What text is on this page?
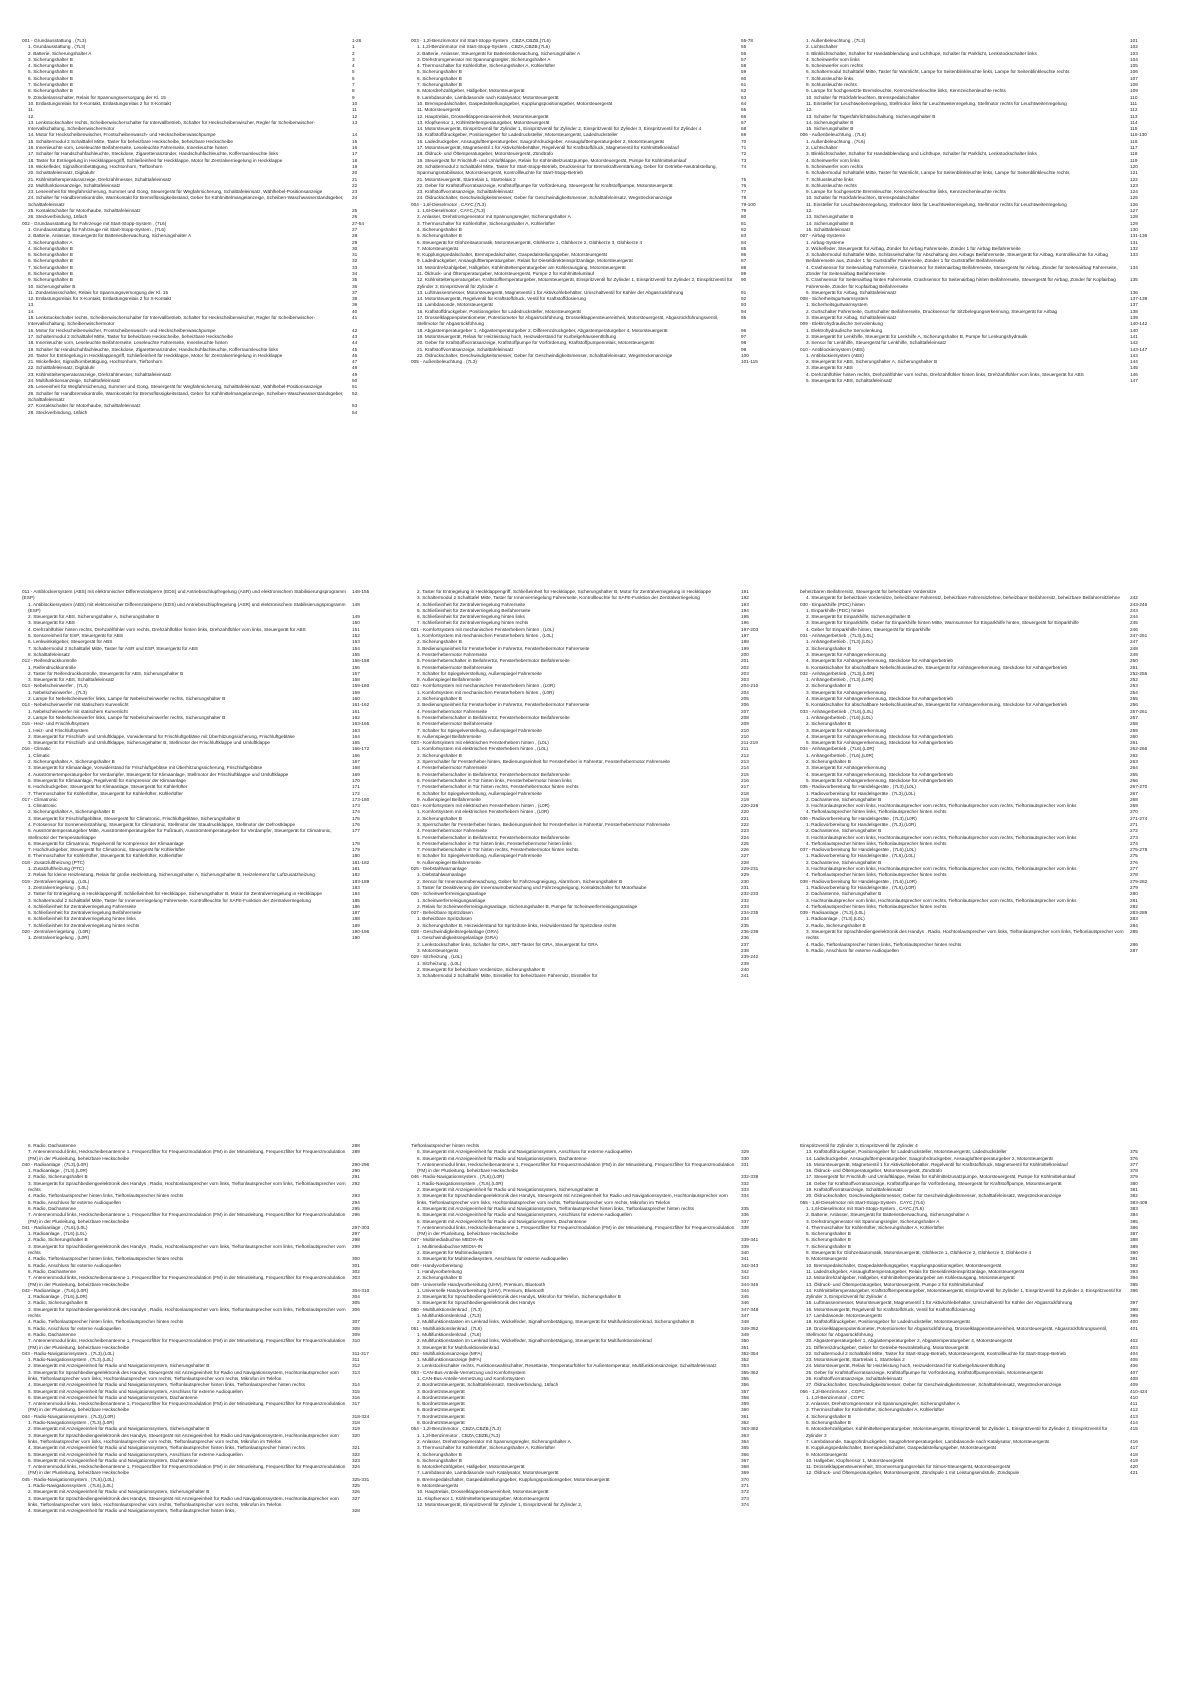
001 - Grundausstattung , (7L3)	1-26
1. Grundausstattung , (7L3)	1
2. Batterie, Sicherungshalter A	2
3. Sicherungshalter B	3
4. Sicherungshalter B	4
5. Sicherungshalter B	5
6. Sicherungshalter B	6
7. Sicherungshalter B	7
8. Sicherungshalter B	8
9. Zündanlassschalter, Relais für Spannungsversorgung der Kl. 15	9
10. Entlastungsrelais für X-Kontakt, Entlastungsrelais 2 für X-Kontakt	10
11.	11
12.	12
13. Lenkstockschalter rechts, Scheibenwischerschalter für Intervallbetrieb, Schalter für Heckscheibenwischer, Regler für Scheibenwischer-Intervallschaltung, Scheibenwischermotor
13
14. Motor für Heckscheibenwischer, Frontscheibenwasch- und Heckscheibenwaschpumpe	14
15. Schaltermodul 2 Schalttafel Mitte, Taster für beheizbare Heckscheibe, beheizbare Heckscheibe	15
16. Innenleuchte vorn, Leseleuchte Beifahrerseite, Leseleuchte Fahrerseite, Innenleuchte hinten	16
17. Schalter für Handschuhfachleuchte, Steckdose, Zigarettenanzünder, Handschuhfachleuchte, Kofferraumleuchte links	17
18. Taster für Entriegelung in Heckklappengriff, Schließeinheit für Heckklappe, Motor für Zentralverriegelung in Heckklappe	18
19. Wickelfeder, Signalhornbetätigung, Hochtonhorn, Tieftonhorn	19
20. Schalttafeleinsatz, Digitaluhr	20
21. Kühlmitteltemperaturanzeige, Drehzahlmesser, Schalttafeleinsatz	21
22. Multifunktionsanzeige, Schalttafeleinsatz	22
23. Leseeinheit für Wegfahrsicherung, Summer und Gong, Steuergerät für Wegfahrsicherung, Schalttafeleinsatz, Wählhebel-Positionsanzeige	23
24. Schalter für Handbremskontrolle, Warnkontakt für Bremsflüssigkeitsstand, Geber für Kühlmittelmangelanzeige, Scheiben-Waschwasserstandsgeber, Schalttafeleinsatz
24
25. Kontaktschalter für Motorhaube, Schalttafeleinsatz	25
26. Steckverbindung, 16fach	26
002 - Grundausstattung für Fahrzeuge mit Start-Stopp-System , (7L6)	27-54
1. Grundausstattung für Fahrzeuge mit Start-Stopp-System , (7L6)	27
2. Batterie, Anlasser, Steuergerät für Batterieüberwachung, Sicherungshalter A	28
3. Sicherungshalter A	29
4. Sicherungshalter B	30
5. Sicherungshalter B	31
6. Sicherungshalter B	32
7. Sicherungshalter B	33
8. Sicherungshalter B	34
9. Sicherungshalter B	35
10. Sicherungshalter B	36
11. Zündanlassschalter, Relais für Spannungsversorgung der Kl. 15	37
12. Entlastungsrelais für X-Kontakt, Entlastungsrelais 2 für X-Kontakt	38
13.	39
14.	40
15. Lenkstockschalter rechts, Scheibenwischerschalter für Intervallbetrieb, Schalter für Heckscheibenwischer, Regler für Scheibenwischer-Intervallschaltung, Scheibenwischermotor
41
16. Motor für Heckscheibenwischer, Frontscheibenwasch- und Heckscheibenwaschpumpe	42
17. Schaltermodul 2 Schalttafel Mitte, Taster für beheizbare Heckscheibe, beheizbare Heckscheibe	43
18. Innenleuchte vorn, Leseleuchte Beifahrerseite, Leseleuchte Fahrerseite, Innenleuchte hinten	44
19. Schalter für Handschuhfachleuchte, Steckdose, Zigarettenanzünder, Handschuhfachleuchte, Kofferraumleuchte links	45
20. Taster für Entriegelung in Heckklappengriff, Schließeinheit für Heckklappe, Motor für Zentralverriegelung in Heckklappe	46
21. Wickelfeder, Signalhornbetätigung, Hochtonhorn, Tieftonhorn	47
22. Schalttafeleinsatz, Digitaluhr	48
23. Kühlmitteltemperaturanzeige, Drehzahlmesser, Schalttafeleinsatz	49
24. Multifunktionsanzeige, Schalttafeleinsatz	50
25. Leseeinheit für Wegfahrsicherung, Summer und Gong, Steuergerät für Wegfahrsicherung, Schalttafeleinsatz, Wählhebel-Positionsanzeige	51
26. Schalter für Handbremskontrolle, Warnkontakt für Bremsflüssigkeitsstand, Geber für Kühlmittelmangelanzeige, Scheiben-Waschwasserstandsgeber, Schalttafeleinsatz
52
27. Kontaktschalter für Motorhaube, Schalttafeleinsatz	53
28. Steckverbindung, 16fach	54
003 - 1,2l-Benzinmotor mit Start-Stopp-System , CBZA,CBZB,(7L6)	55-78
1. 1,2l-Benzinmotor mit Start-Stopp-System , CBZA,CBZB,(7L6)	55
2. Batterie, Anlasser, Steuergerät für Batterieüberwachung, Sicherungshalter A	56
3. Drehstromgenerator mit Spannungsregler, Sicherungshalter A	57
4. Thermoschalter für Kühlerlüfter, Sicherungshalter A, Kühlerlüfter	58
5. Sicherungshalter B	59
6. Sicherungshalter B	60
7. Sicherungshalter B	61
8. Motordrehzahlgeber, Hallgeber, Motorsteuergerät	62
9. Lambdasonde, Lambdasonde nach Katalysator, Motorsteuergerät	63
10. Bremspedalschalter, Gaspedalstellungsgeber, Kupplungspositionsgeber, Motorsteuergerät	64
11. Motorsteuergerät	65
12. Hauptrelais, Drosselklappensteuereinheit, Motorsteuergerät	66
13. Klopfsensor 1, Kühlmitteltemperaturgeber, Motorsteuergerät	67
14. Motorsteuergerät, Einspritzventil für Zylinder 1, Einspritzventil für Zylinder 2, Einspritzventil für Zylinder 3, Einspritzventil für Zylinder 4	68
15. Kraftstoffdruckgeber, Positionsgeber für Ladedrucksteller, Motorsteuergerät, Ladedrucksteller	69
16. Ladedruckgeber, Ansauglufttemperaturgeber, Saugrohrdruckgeber, Ansauglufttemperaturgeber 2, Motorsteuergerät	70
17. Motorsteuergerät, Magnetventil 1 für Aktivkohlebehälter, Regelventil für Kraftstoffdruck, Magnetventil für Kühlmittelkreislauf	71
18. Öldruck- und Öltemperaturgeber, Motorsteuergerät, Zündtrafo	72
19. Steuergerät für Frischluft- und Umluftklappe, Relais für Kühlmittelzusatzpumpe, Motorsteuergerät, Pumpe für Kühlmittelumlauf	73
20. Schaltermodul 2 Schalttafel Mitte, Taster für Start-Stopp-Betrieb, Drucksensor für Bremskraftverstärkung, Geber für Getriebe-Neutralstellung, Spannungsstabilisator, Motorsteuergerät, Kontrollleuchte für Start-Stopp-Betrieb
74
21. Motorsteuergerät, Startrelais 1, Startrelais 2	75
22. Geber für Kraftstoffvorratsanzeige, Kraftstoffpumpe für Vorförderung, Steuergerät für Kraftstoffpumpe, Motorsteuergerät	76
23. Kraftstoffvorratsanzeige, Schalttafeleinsatz	77
24. Öldruckschalter, Geschwindigkeitsmesser, Geber für Geschwindigkeitsmesser, Schalttafeleinsatz, Wegstreckenanzeige	78
004 - 1,6l-Dieselmotor , CAYC,(7L3)	79-100
1. 1,6l-Dieselmotor , CAYC,(7L3)	79
2. Anlasser, Drehstromgenerator mit Spannungsregler, Sicherungshalter A	80
3. Thermoschalter für Kühlerlüfter, Sicherungshalter A, Kühlerlüfter	81
4. Sicherungshalter B	82
5. Sicherungshalter B	83
6. Steuergerät für Glühzeitautomatik, Motorsteuergerät, Glühkerze 1, Glühkerze 2, Glühkerze 3, Glühkerze 4	84
7. Motorsteuergerät	85
8. Kupplungspedalschalter, Bremspedalschalter, Gaspedalstellungsgeber, Motorsteuergerät	86
9. Ladedruckgeber, Ansauglufttemperaturgeber, Relais für Dieseldirekteinspritzanlage, Motorsteuergerät	87
10. Motordrehzahlgeber, Hallgeber, Kühlmitteltemperaturgeber am Kühlerausgang, Motorsteuergerät	88
11. Öldruck- und Öltemperaturgeber, Motorsteuergerät, Pumpe 2 für Kühlmittelumlauf	89
12. Kühlmitteltemperaturgeber, Kraftstofftemperaturgeber, Motorsteuergerät, Einspritzventil für Zylinder 1, Einspritzventil für Zylinder 2, Einspritzventil für Zylinder 3, Einspritzventil für Zylinder 4
90
13. Luftmassenmesser, Motorsteuergerät, Magnetventil 1 für Aktivkohlebehälter, Umschaltventil für Kühler der Abgasrückführung	91
14. Motorsteuergerät, Regelventil für Kraftstoffdruck, Ventil für Kraftstoffdosierung	92
15. Lambdasonde, Motorsteuergerät	93
16. Kraftstoffdruckgeber, Positionsgeber für Ladedrucksteller, Motorsteuergerät	94
17. Drosselklappenpotentiometer, Potentiometer für Abgasrückführung, Drosselklappensteuereinheit, Motorsteuergerät, Abgasrückführungsventil, Stellmotor für Abgasrückführung
95
18. Abgastemperaturgeber 1, Abgastemperaturgeber 2, Differenzdruckgeber, Abgastemperaturgeber 4, Motorsteuergerät	96
19. Motorsteuergerät, Relais für Heizleistung hoch, Heizwiderstand für Kurbelgehäuseentlüftung	97
20. Geber für Kraftstoffvorratsanzeige, Kraftstoffpumpe für Vorförderung, Kraftstoffpumpenrelais, Motorsteuergerät	98
21. Kraftstoffvorratsanzeige, Schalttafeleinsatz	99
22. Öldruckschalter, Geschwindigkeitsmesser, Geber für Geschwindigkeitsmesser, Schalttafeleinsatz, Wegstreckenanzeige	100
005 - Außenbeleuchtung , (7L3)	101-115
1. Außenbeleuchtung , (7L3)	101
2. Lichtschalter	102
3. Blinklichtschalter, Schalter für Handabblendung und Lichthupe, Schalter für Parklicht, Lenkstockschalter links	103
4. Scheinwerfer vorn links	104
5. Scheinwerfer vorn rechts	105
6. Schaltermodul Schalttafel Mitte, Taster für Warnlicht, Lampe für Seitenblinkleuchte links, Lampe für Seitenblinkleuchte rechts	106
7. Schlussleuchte links	107
8. Schlussleuchte rechts	108
9. Lampe für hochgesetzte Bremsleuchte, Kennzeichenleuchte links, Kennzeichenleuchte rechts	109
10. Schalter für Rückfahrleuchten, Bremspedalschalter	110
11. Einsteller für Leuchtweitenregelung, Stellmotor links für Leuchtweitenregelung, Stellmotor rechts für Leuchtweitenregelung	111
12.	112
13. Schalter für Tagesfahrlichtabschaltung, Sicherungshalter B	113
14. Sicherungshalter B	114
15. Sicherungshalter B	115
006 - Außenbeleuchtung , (7L6)	116-130
1. Außenbeleuchtung , (7L6)	116
2. Lichtschalter	117
3. Blinklichtschalter, Schalter für Handabblendung und Lichthupe, Schalter für Parklicht, Lenkstockschalter links	118
4. Scheinwerfer vorn links	119
5. Scheinwerfer vorn rechts	120
6. Schaltermodul Schalttafel Mitte, Taster für Warnlicht, Lampe für Seitenblinkleuchte links, Lampe für Seitenblinkleuchte rechts	121
7. Schlussleuchte links	122
8. Schlussleuchte rechts	123
9. Lampe für hochgesetzte Bremsleuchte, Kennzeichenleuchte links, Kennzeichenleuchte rechts	124
10. Schalter für Rückfahrleuchten, Bremspedalschalter	125
11. Einsteller für Leuchtweitenregelung, Stellmotor links für Leuchtweitenregelung, Stellmotor rechts für Leuchtweitenregelung	126
12.	127
13. Sicherungshalter B	128
14. Sicherungshalter B	129
15. Schalttafeleinsatz	130
007 - Airbag-Systeme	131-136
1. Airbag-Systeme	131
2. Wickelfeder, Steuergerät für Airbag, Zünder für Airbag Fahrerseite, Zünder 1 für Airbag Beifahrerseite	132
3. Schaltermodul Schalttafel Mitte, Schlüsselschalter für Abschaltung des Airbags Beifahrerseite, Steuergerät für Airbag, Kontrollleuchte für Airbag Beifahrerseite aus, Zünder 1 für Gurtstraffer Fahrerseite, Zünder 1 für Gurtstraffer Beifahrerseite
133
4. Crashsensor für Seitenairbag Fahrerseite, Crashsensor für Seitenairbag Beifahrerseite, Steuergerät für Airbag, Zünder für Seitenairbag Fahrerseite, Zünder für Seitenairbag Beifahrerseite
134
5. Crashsensor für Seitenairbag hinten Fahrerseite, Crashsensor für Seitenairbag hinten Beifahrerseite, Steuergerät für Airbag, Zünder für Kopfairbag Fahrerseite, Zünder für Kopfairbag Beifahrerseite
135
6. Steuergerät für Airbag, Schalttafeleinsatz	136
008 - Sicherheitsgurtwarnsystem	137-139
1. Sicherheitsgurtwarnsystem	137
2. Gurtschalter Fahrerseite, Gurtschalter Beifahrerseite, Drucksensor für Sitzbelegungserkennung, Steuergerät für Airbag	138
3. Steuergerät für Airbag, Schalttafeleinsatz	139
009 - Elektrohydraulische Servolenkung	140-142
1. Elektrohydraulische Servolenkung	140
2. Steuergerät für Lenkhilfe, Steuergerät für Lenkhilfe A, Sicherungshalter B, Pumpe für Lenkungshydraulik	141
3. Sensor für Lenkhilfe, Steuergerät für Lenkhilfe, Schalttafeleinsatz	142
010 - Antiblockiersystem (ABS)	143-147
1. Antiblockiersystem (ABS)	143
2. Steuergerät für ABS, Sicherungshalter A, Sicherungshalter B	144
3. Steuergerät für ABS	145
4. Drehzahlfühler hinten rechts, Drehzahlfühler vorn rechts, Drehzahlfühler hinten links, Drehzahlfühler vorn links, Steuergerät für ABS	146
5. Steuergerät für ABS, Schalttafeleinsatz	147
011 - Antiblockiersystem (ABS) mit elektronischer Differenzialsperre (EDS) und Antriebsschlupfregelung (ASR) und elektronischem Stabilisierungsprogramm (ESP)
148-155
1. Antiblockiersystem (ABS) mit elektronischer Differenzialsperre (EDS) und Antriebsschlupfregelung (ASR) und elektronischem Stabilisierungsprogramm (ESP)
148
2. Steuergerät für ABS, Sicherungshalter A, Sicherungshalter B	149
3. Steuergerät für ABS	150
4. Drehzahlfühler hinten rechts, Drehzahlfühler vorn rechts, Drehzahlfühler hinten links, Drehzahlfühler vorn links, Steuergerät für ABS	151
5. Sensoreinheit für ESP, Steuergerät für ABS	152
6. Lenkwinkelgeber, Steuergerät für ABS	153
7. Schaltermodul 2 Schalttafel Mitte, Taster für ASR und ESP, Steuergerät für ABS	154
8. Schalttafeleinsatz	155
012 - Reifendruckkontrolle	156-158
1. Reifendruckkontrolle	156
2. Taster für Reifendruckkontrolle, Steuergerät für ABS, Sicherungshalter B	157
3. Steuergerät für ABS, Schalttafeleinsatz	158
013 - Nebelscheinwerfer , (7L3)	159-160
1. Nebelscheinwerfer , (7L3)	159
2. Lampe für Nebelscheinwerfer links, Lampe für Nebelscheinwerfer rechts, Sicherungshalter B	160
014 - Nebelscheinwerfer mit statischem Kurvenlicht	161-162
1. Nebelscheinwerfer mit statischem Kurvenlicht	161
2. Lampe für Nebelscheinwerfer links, Lampe für Nebelscheinwerfer rechts, Sicherungshalter B	162
015 - Heiz- und Frischluftsystem	163-165
1. Heiz- und Frischluftsystem	163
2. Steuergerät für Frischluft- und Umluftklappe, Vorwiderstand für Frischluftgebläse mit Überhitzungssicherung, Frischluftgebläse	164
3. Steuergerät für Frischluft- und Umluftklappe, Sicherungshalter B, Stellmotor der Frischluftklappe und Umluftklappe	165
016 - Climatic	166-172
1. Climatic	166
2. Sicherungshalter A, Sicherungshalter B	167
3. Steuergerät für Klimaanlage, Vorwiderstand für Frischluftgebläse mit Überhitzungssicherung, Frischluftgebläse	168
4. Ausströmertemperaturgeber für Verdampfer, Steuergerät für Klimaanlage, Stellmotor der Frischluftklappe und Umluftklappe	169
5. Steuergerät für Klimaanlage, Regelventil für Kompressor der Klimaanlage	170
6. Hochdruckgeber, Steuergerät für Klimaanlage, Steuergerät für Kühlerlüfter	171
7. Thermoschalter für Kühlerlüfter, Steuergerät für Kühlerlüfter, Kühlerlüfter	172
017 - Climatronic	173-180
1. Climatronic	173
2. Sicherungshalter A, Sicherungshalter B	174
3. Steuergerät für Frischluftgebläse, Steuergerät für Climatronic, Frischluftgebläse, Sicherungshalter B	175
4. Fotosensor für Sonneneinstrahlung, Steuergerät für Climatronic, Stellmotor der Staudruckklappe, Stellmotor der Defrostklappe	176
5. Ausströmtemperaturgeber Mitte, Ausströmtemperaturgeber für Fußraum, Ausströmtemperaturgeber für Verdampfer, Steuergerät für Climatronic, Stellmotor der Temperaturklappe
177
6. Steuergerät für Climatronic, Regelventil für Kompressor der Klimaanlage	178
7. Hochdruckgeber, Steuergerät für Climatronic, Steuergerät für Kühlerlüfter	179
8. Thermoschalter für Kühlerlüfter, Steuergerät für Kühlerlüfter, Kühlerlüfter	180
018 - Zusatzluftheizung (PTC)	181-182
1. Zusatzluftheizung (PTC)	181
2. Relais für kleine Heizleistung, Relais für große Heizleistung, Sicherungshalter A, Sicherungshalter B, Heizelement für Luftzusatzheizung	182
019 - Zentralverriegelung , (L0L)	183-189
1. Zentralverriegelung , (L0L)	183
2. Taster für Entriegelung in Heckklappengriff, Schließeinheit für Heckklappe, Sicherungshalter B, Motor für Zentralverriegelung in Heckklappe	184
3. Schaltermodul 2 Schalttafel Mitte, Taster für Innenverriegelung Fahrerseite, Kontrollleuchte für SAFE-Funktion der Zentralverriegelung	185
4. Schließeinheit für Zentralverriegelung Fahrerseite	186
5. Schließeinheit für Zentralverriegelung Beifahrerseite	187
6. Schließeinheit für Zentralverriegelung hinten links	188
7. Schließeinheit für Zentralverriegelung hinten rechts	189
020 - Zentralverriegelung , (L0R)	190-196
1. Zentralverriegelung , (L0R)	190
2. Taster für Entriegelung in Heckklappengriff, Schließeinheit für Heckklappe, Sicherungshalter B, Motor für Zentralverriegelung in Heckklappe	191
3. Schaltermodul 2 Schalttafel Mitte, Taster für Innenverriegelung Fahrerseite, Kontrollleuchte für SAFE-Funktion der Zentralverriegelung	192
4. Schließeinheit für Zentralverriegelung Fahrerseite	193
5. Schließeinheit für Zentralverriegelung Beifahrerseite	194
6. Schließeinheit für Zentralverriegelung hinten links	195
7. Schließeinheit für Zentralverriegelung hinten rechts	196
021 - Komfortsystem mit mechanischen Fensterhebern hinten , (L0L)	197-203
1. Komfortsystem mit mechanischen Fensterhebern hinten , (L0L)	197
2. Sicherungshalter B	198
3. Bedienungseinheit für Fensterheber in Fahrertür, Fensterhebermotor Fahrerseite	199
4. Fensterhebermotor Fahrerseite	200
5. Fensterheberschalter in Beifahrertür, Fensterhebermotor Beifahrerseite	201
6. Fensterhebermotor Beifahrerseite	202
7. Schalter für Spiegelverstellung, Außenspiegel Fahrerseite	203
8. Außenspiegel Beifahrerseite	203
022 - Komfortsystem mit mechanischen Fensterhebern hinten , (L0R)	204-210
1. Komfortsystem mit mechanischen Fensterhebern hinten , (L0R)	204
2. Sicherungshalter B	205
3. Bedienungseinheit für Fensterheber in Fahrertür, Fensterhebermotor Fahrerseite	206
4. Fensterhebermotor Fahrerseite	207
5. Fensterheberschalter in Beifahrertür, Fensterhebermotor Beifahrerseite	208
6. Fensterhebermotor Beifahrerseite	209
7. Schalter für Spiegelverstellung, Außenspiegel Fahrerseite	210
8. Außenspiegel Beifahrerseite	210
023 - Komfortsystem mit elektrischen Fensterhebern hinten , (L0L)	211-219
1. Komfortsystem mit elektrischen Fensterhebern hinten , (L0L)	211
2. Sicherungshalter B	212
3. Sperrschalter für Fensterheber hinten, Bedienungseinheit für Fensterheber in Fahrertür, Fensterhebermotor Fahrerseite	213
4. Fensterhebermotor Fahrerseite	214
5. Fensterheberschalter in Beifahrertür, Fensterhebermotor Beifahrerseite	215
6. Fensterheberschalter in Tür hinten links, Fensterhebermotor hinten links	216
7. Fensterheberschalter in Tür hinten rechts, Fensterhebermotor hinten rechts	217
8. Schalter für Spiegelverstellung, Außenspiegel Fahrerseite	218
9. Außenspiegel Beifahrerseite	219
024 - Komfortsystem mit elektrischen Fensterhebern hinten , (L0R)	220-228
1. Komfortsystem mit elektrischen Fensterhebern hinten , (L0R)	220
2. Sicherungshalter B	221
3. Sperrschalter für Fensterheber hinten, Bedienungseinheit für Fensterheber in Fahrertür, Fensterhebermotor Fahrerseite	222
4. Fensterhebermotor Fahrerseite	223
5. Fensterheberschalter in Beifahrertür, Fensterhebermotor Beifahrerseite	224
6. Fensterheberschalter in Tür hinten links, Fensterhebermotor hinten links	225
7. Fensterheberschalter in Tür hinten rechts, Fensterhebermotor hinten rechts	226
8. Schalter für Spiegelverstellung, Außenspiegel Fahrerseite	227
9. Außenspiegel Beifahrerseite	228
025 - Diebstahlwarnanlage	229-231
1. Diebstahlwarnanlage	229
2. Sensor für Innenraumüberwachung, Geber für Fahrzeugneigung, Alarmhorn, Sicherungshalter B	230
3. Taster für Deaktivierung der Innenraumüberwachung und Fahrzeugneigung, Kontaktschalter für Motorhaube	231
026 - Scheinwerferreinigungsanlage	232-233
1. Scheinwerferreinigungsanlage	232
2. Relais für Scheinwerferreinigungsanlage, Sicherungshalter B, Pumpe für Scheinwerferreinigungsanlage	233
027 - Beheizbare Spritzdüsen	234-235
1. Beheizbare Spritzdüsen	234
2. Sicherungshalter B, Heizwiderstand für Spritzdüse links, Heizwiderstand für Spritzdüse rechts	235
028 - Geschwindigkeitsregelanlage (GRA)	236-238
1. Geschwindigkeitsregelanlage (GRA)	236
2. Lenkstockschalter links, Schalter für GRA, SET-Taster für GRA, Steuergerät für GRA	237
3. Motorsteuergerät	238
029 - Sitzheizung , (L0L)	239-242
1. Sitzheizung , (L0L)	239
2. Steuergerät für beheizbare Vordersitze, Sicherungshalter B	240
3. Schaltermodul 2 Schalttafel Mitte, Einsteller für beheizbaren Fahrersitz, Einsteller für	241
beheizbaren Beifahrersitz, Steuergerät für beheizbare Vordersitze
4. Steuergerät für beheizbare Vordersitze, beheizbarer Fahrersitz, beheizbare Fahrersitzlehne, beheizbarer Beifahrersitz, beheizbare Beifahrersitzlehne	242
030 - Einparkhilfe (PDC) hinten	243-246
1. Einparkhilfe (PDC) hinten	243
2. Steuergerät für Einparkhilfe, Sicherungshalter B	244
3. Steuergerät für Einparkhilfe, Geber für Einparkhilfe hinten Mitte, Warnsummer für Einparkhilfe hinten, Steuergerät für Einparkhilfe	245
4. Geber für Einparkhilfe hinten, Steuergerät für Einparkhilfe	246
031 - Anhängerbetrieb , (7L3),(L0L)	247-251
1. Anhängerbetrieb , (7L3),(L0L)	247
2. Sicherungshalter B	248
3. Steuergerät für Anhängererkennung	249
4. Steuergerät für Anhängererkennung, Steckdose für Anhängerbetrieb	250
5. Kontaktschalter für abschaltbare Nebelschlussleuchte, Steuergerät für Anhängererkennung, Steckdose für Anhängerbetrieb	251
032 - Anhängerbetrieb , (7L3),(L0R)	252-256
1. Anhängerbetrieb , (7L3),(L0R)	252
2. Sicherungshalter B	253
3. Steuergerät für Anhängererkennung	254
4. Steuergerät für Anhängererkennung, Steckdose für Anhängerbetrieb	255
5. Kontaktschalter für abschaltbare Nebelschlussleuchte, Steuergerät für Anhängererkennung, Steckdose für Anhängerbetrieb	256
033 - Anhängerbetrieb , (7L6),(L0L)	257-261
1. Anhängerbetrieb , (7L6),(L0L)	257
2. Sicherungshalter B	258
3. Steuergerät für Anhängererkennung	259
4. Steuergerät für Anhängererkennung, Steckdose für Anhängerbetrieb	260
5. Steuergerät für Anhängererkennung, Steckdose für Anhängerbetrieb	261
034 - Anhängerbetrieb , (7L6),(L0R)	262-266
1. Anhängerbetrieb , (7L6),(L0R)	262
2. Sicherungshalter B	263
3. Steuergerät für Anhängererkennung	264
4. Steuergerät für Anhängererkennung, Steckdose für Anhängerbetrieb	265
5. Steuergerät für Anhängererkennung, Steckdose für Anhängerbetrieb	266
035 - Radiovorbereitung für Handelsgeräte , (7L3),(L0L)	267-270
1. Radiovorbereitung für Handelsgeräte , (7L3),(L0L)	267
2. Dachantenne, Sicherungshalter B	268
3. Hochtonlautsprecher vorn links, Hochtonlautsprecher vorn rechts, Tieftonlautsprecher vorn rechts, Tieftonlautsprecher vorn links	269
4. Tieftonlautsprecher hinten links, Tieftonlautsprecher hinten rechts	270
036 - Radiovorbereitung für Handelsgeräte , (7L3),(L0R)	271-274
1. Radiovorbereitung für Handelsgeräte , (7L3),(L0R)	271
2. Dachantenne, Sicherungshalter B	272
3. Hochtonlautsprecher vorn links, Hochtonlautsprecher vorn rechts, Tieftonlautsprecher vorn rechts, Tieftonlautsprecher vorn links	273
4. Tieftonlautsprecher hinten links, Tieftonlautsprecher hinten rechts	274
037 - Radiovorbereitung für Handelsgeräte , (7L6),(L0L)	275-278
1. Radiovorbereitung für Handelsgeräte , (7L6),(L0L)	275
2. Dachantenne, Sicherungshalter B	276
3. Hochtonlautsprecher vorn links, Hochtonlautsprecher vorn rechts, Tieftonlautsprecher vorn rechts, Tieftonlautsprecher vorn links	277
4. Tieftonlautsprecher hinten links, Tieftonlautsprecher hinten rechts	278
038 - Radiovorbereitung für Handelsgeräte , (7L6),(L0R)	279-282
1. Radiovorbereitung für Handelsgeräte , (7L6),(L0R)	279
2. Dachantenne, Sicherungshalter B	280
3. Hochtonlautsprecher vorn links, Hochtonlautsprecher vorn rechts, Tieftonlautsprecher vorn rechts, Tieftonlautsprecher vorn links	281
4. Tieftonlautsprecher hinten links, Tieftonlautsprecher hinten rechts	282
039 - Radioanlage , (7L3),(L0L)	283-289
1. Radioanlage , (7L3),(L0L)	283
2. Radio, Sicherungshalter B	284
3. Steuergerät für Sprachbediengeelektronik des Handys , Radio, Hochtonlautsprecher vorn links, Tieftonlautsprecher vorn links, Tieftonlautsprecher vorn rechts
285
4. Radio, Tieftonlautsprecher hinten links, Tieftonlautsprecher hinten rechts	286
5. Radio, Anschluss für externe Audioquellen	287
6. Radio, Dachantenne	288
7. Antennenmodul links, Heckscheibenantenne 1, Frequenzfilter für Frequenzmodulation (FM) in der Minusleitung, Frequenzfilter für Frequenzmodulation (FM) in der Plusleitung, beheizbare Heckscheibe
289
040 - Radioanlage , (7L3),(L0R)	290-296
1. Radioanlage , (7L3),(L0R)	290
2. Radio, Sicherungshalter B	291
3. Steuergerät für Sprachbediengeelektronik des Handys , Radio, Hochtonlautsprecher vorn links, Tieftonlautsprecher vorn links, Tieftonlautsprecher vorn rechts
292
4. Radio, Tieftonlautsprecher hinten links, Tieftonlautsprecher hinten rechts	293
5. Radio, Anschluss für externe Audioquellen	294
6. Radio, Dachantenne	295
7. Antennenmodul links, Heckscheibenantenne 1, Frequenzfilter für Frequenzmodulation (FM) in der Minusleitung, Frequenzfilter für Frequenzmodulation (FM) in der Plusleitung, beheizbare Heckscheibe
296
041 - Radioanlage , (7L6),(L0L)	297-303
1. Radioanlage , (7L6),(L0L)	297
2. Radio, Sicherungshalter B	298
3. Steuergerät für Sprachbediengeelektronik des Handys , Radio, Hochtonlautsprecher vorn links, Tieftonlautsprecher vorn links, Tieftonlautsprecher vorn rechts
299
4. Radio, Tieftonlautsprecher hinten links, Tieftonlautsprecher hinten rechts	300
5. Radio, Anschluss für externe Audioquellen	301
6. Radio, Dachantenne	302
7. Antennenmodul links, Heckscheibenantenne 1, Frequenzfilter für Frequenzmodulation (FM) in der Minusleitung, Frequenzfilter für Frequenzmodulation (FM) in der Plusleitung, beheizbare Heckscheibe
303
042 - Radioanlage , (7L6),(L0R)	304-310
1. Radioanlage , (7L6),(L0R)	304
2. Radio, Sicherungshalter B	305
3. Steuergerät für Sprachbediengeelektronik des Handys , Radio, Hochtonlautsprecher vorn links, Tieftonlautsprecher vorn links, Tieftonlautsprecher vorn rechts
306
4. Radio, Tieftonlautsprecher hinten links, Tieftonlautsprecher hinten rechts	307
5. Radio, Anschluss für externe Audioquellen	308
6. Radio, Dachantenne	309
7. Antennenmodul links, Heckscheibenantenne 1, Frequenzfilter für Frequenzmodulation (FM) in der Minusleitung, Frequenzfilter für Frequenzmodulation (FM) in der Plusleitung, beheizbare Heckscheibe
310
043 - Radio-Navigationssystem , (7L3),(L0L)	311-317
1. Radio-Navigationssystem , (7L3),(L0L)	311
2. Steuergerät mit Anzeigeeinheit für Radio und Navigationssystem, Sicherungshalter B	312
3. Steuergerät für Sprachbediengeelektronik des Handys, Steuergerät mit Anzeigeeinheit für Radio und Navigationssystem, Hochtonlautsprecher vorn links, Tieftonlautsprecher vorn links, Hochtonlautsprecher vorn rechts, Tieftonlautsprecher vorn rechts, Mikrofon im Telefon
313
4. Steuergerät mit Anzeigeeinheit für Radio und Navigationssystem, Tieftonlautsprecher hinten links, Tieftonlautsprecher hinten rechts	314
5. Steuergerät mit Anzeigeeinheit für Radio und Navigationssystem, Anschluss für externe Audioquellen	315
6. Steuergerät mit Anzeigeeinheit für Radio und Navigationssystem, Dachantenne	316
7. Antennenmodul links, Heckscheibenantenne 1, Frequenzfilter für Frequenzmodulation (FM) in der Minusleitung, Frequenzfilter für Frequenzmodulation (FM) in der Plusleitung, beheizbare Heckscheibe
317
044 - Radio-Navigationssystem , (7L3),(L0R)	318-324
1. Radio-Navigationssystem , (7L3),(L0R)	318
2. Steuergerät mit Anzeigeeinheit für Radio und Navigationssystem, Sicherungshalter B	319
3. Steuergerät für Sprachbediengeelektronik des Handys, Steuergerät mit Anzeigeeinheit für Radio und Navigationssystem, Hochtonlautsprecher vorn links, Tieftonlautsprecher vorn links, Hochtonlautsprecher vorn rechts, Tieftonlautsprecher vorn rechts, Mikrofon im Telefon
320
4. Steuergerät mit Anzeigeeinheit für Radio und Navigationssystem, Tieftonlautsprecher hinten links, Tieftonlautsprecher hinten rechts	321
5. Steuergerät mit Anzeigeeinheit für Radio und Navigationssystem, Anschluss für externe Audioquellen	322
6. Steuergerät mit Anzeigeeinheit für Radio und Navigationssystem, Dachantenne	323
7. Antennenmodul links, Heckscheibenantenne 1, Frequenzfilter für Frequenzmodulation (FM) in der Minusleitung, Frequenzfilter für Frequenzmodulation (FM) in der Plusleitung, beheizbare Heckscheibe
324
045 - Radio-Navigationssystem , (7L6),(L0L)	325-331
1. Radio-Navigationssystem , (7L6),(L0L)	325
2. Steuergerät mit Anzeigeeinheit für Radio und Navigationssystem, Sicherungshalter B	326
3. Steuergerät für Sprachbediengeelektronik des Handys, Steuergerät mit Anzeigeeinheit für Radio und Navigationssystem, Hochtonlautsprecher vorn links, Tieftonlautsprecher vorn links, Hochtonlautsprecher vorn rechts, Tieftonlautsprecher vorn rechts, Mikrofon im Telefon
327
4. Steuergerät mit Anzeigeeinheit für Radio und Navigationssystem, Tieftonlautsprecher hinten links,	328
Tieftonlautsprecher hinten rechts
5. Steuergerät mit Anzeigeeinheit für Radio und Navigationssystem, Anschluss für externe Audioquellen	329
6. Steuergerät mit Anzeigeeinheit für Radio und Navigationssystem, Dachantenne	330
7. Antennenmodul links, Heckscheibenantenne 1, Frequenzfilter für Frequenzmodulation (FM) in der Minusleitung, Frequenzfilter für Frequenzmodulation (FM) in der Plusleitung, beheizbare Heckscheibe
331
046 - Radio-Navigationssystem , (7L6),(L0R)	332-338
1. Radio-Navigationssystem , (7L6),(L0R)	332
2. Steuergerät mit Anzeigeeinheit für Radio und Navigationssystem, Sicherungshalter B	333
3. Steuergerät für Sprachbediengeelektronik des Handys, Steuergerät mit Anzeigeeinheit für Radio und Navigationssystem, Hochtonlautsprecher vorn links, Tieftonlautsprecher vorn links, Hochtonlautsprecher vorn rechts, Tieftonlautsprecher vorn rechts, Mikrofon im Telefon
334
4. Steuergerät mit Anzeigeeinheit für Radio und Navigationssystem, Tieftonlautsprecher hinten links, Tieftonlautsprecher hinten rechts	335
5. Steuergerät mit Anzeigeeinheit für Radio und Navigationssystem, Anschluss für externe Audioquellen	336
6. Steuergerät mit Anzeigeeinheit für Radio und Navigationssystem, Dachantenne	337
7. Antennenmodul links, Heckscheibenantenne 1, Frequenzfilter für Frequenzmodulation (FM) in der Minusleitung, Frequenzfilter für Frequenzmodulation (FM) in der Plusleitung, beheizbare Heckscheibe
338
047 - Multimediabuchse MEDIA-IN	339-341
1. Multimediabuchse MEDIA-IN	339
2. Steuergerät für Multimediasystem	340
3. Steuergerät für Multimediasystem, Anschluss für externe Audioquellen	341
048 - Handyvorbereitung	342-343
1. Handyvorbereitung	342
2. Sicherungshalter B	343
049 - Universelle Handyvorbereitung (UHV), Premium, Bluetooth	344-346
1. Universelle Handyvorbereitung (UHV), Premium, Bluetooth	344
2. Steuergerät für Sprachbediengeelektronik des Handys, Mikrofon für Telefon, Sicherungshalter B	345
3. Steuergerät für Sprachbediengeelektronik des Handys	346
050 - Multifunktionslenkrad , (7L3)	347-348
1. Multifunktionslenkrad , (7L3)	347
2. Multifunktionstasten im Lenkrad links, Wickelfeder, Signalhornbetätigung, Steuergerät für Multifunktionslenkrad, Sicherungshalter B	348
051 - Multifunktionslenkrad , (7L6)	349-352
1. Multifunktionslenkrad , (7L6)	349
2. Multifunktionstasten im Lenkrad links, Wickelfeder, Signalhornbetätigung, Steuergerät für Multifunktionslenkrad	350
3. Steuergerät für Multifunktionslenkrad	351
052 - Multifunktionsanzeige (MFA)	352-354
1. Multifunktionsanzeige (MFA)	352
2. Lenkstockschalter rechts, Funktionswahlschalter, Resettaste, Temperaturfühler für Außentemperatur, Multifunktionsanzeige, Schalttafeleinsatz	353
053 - CAN-Bus-Anteile-Vernetzung und Komfortsystem	355-362
1. CAN-Bus-Anteile-Vernetzung und Komfortsystem	355
2. Bordnetzsteuergerät, Schalttafeleinsatz, Steckverbindung, 16fach	356
3. Bordnetzsteuergerät	357
4. Bordnetzsteuergerät	358
5. Bordnetzsteuergerät	359
6. Bordnetzsteuergerät	360
7. Bordnetzsteuergerät	361
8. Bordnetzsteuergerät	362
054 - 1,2l-Benzinmotor , CBZA,CBZB,(7L3)	363-382
1. 1,2l-Benzinmotor , CBZA,CBZB,(7L3)	363
2. Anlasser, Drehstromgenerator mit Spannungsregler, Sicherungshalter A	364
3. Thermoschalter für Kühlerlüfter, Sicherungshalter A, Kühlerlüfter	365
4. Sicherungshalter B	366
5. Sicherungshalter B	367
6. Motordrehzahlgeber, Hallgeber, Motorsteuergerät	368
7. Lambdasonde, Lambdasonde nach Katalysator, Motorsteuergerät	369
8. Bremspedalschalter, Gaspedalstellungsgeber, Kupplungspositionsgeber, Motorsteuergerät	370
9. Motorsteuergerät	371
10. Hauptrelais, Drosselklappensteuereinheit, Motorsteuergerät	372
11. Klopfsensor 1, Kühlmitteltemperaturgeber, Motorsteuergerät	373
12. Motorsteuergerät, Einspritzventil für Zylinder 1, Einspritzventil für Zylinder 2,	374
Einspritzventil für Zylinder 3, Einspritzventil für Zylinder 4
13. Kraftstoffdruckgeber, Positionsgeber für Ladedrucksteller, Motorsteuergerät, Ladedrucksteller	375
14. Ladedruckgeber, Ansauglufttemperaturgeber, Saugrohrdruckgeber, Ansauglufttemperaturgeber 2, Motorsteuergerät	376
15. Motorsteuergerät, Magnetventil 1 für Aktivkohlebehälter, Regelventil für Kraftstoffdruck, Magnetventil für Kühlmittelkreislauf	377
16. Öldruck- und Öltemperaturgeber, Motorsteuergerät, Zündtrafo	378
17. Steuergerät für Frischluft- und Umluftklappe, Relais für Kühlmittelzusatzpumpe, Motorsteuergerät, Pumpe für Kühlmittelumlauf	379
18. Geber für Kraftstoffvorratsanzeige, Kraftstoffpumpe für Vorförderung, Steuergerät für Kraftstoffpumpe, Motorsteuergerät	380
19. Kraftstoffvorratsanzeige, Schalttafeleinsatz	381
20. Öldruckschalter, Geschwindigkeitsmesser, Geber für Geschwindigkeitsmesser, Schalttafeleinsatz, Wegstreckenanzeige	382
055 - 1,6l-Dieselmotor mit Start-Stopp-System , CAYC,(7L6)	383-409
1. 1,6l-Dieselmotor mit Start-Stopp-System , CAYC,(7L6)	383
2. Batterie, Anlasser, Steuergerät für Batterieüberwachung, Sicherungshalter A	384
3. Drehstromgenerator mit Spannungsregler, Sicherungshalter A	385
4. Thermoschalter für Kühlerlüfter, Sicherungshalter A, Kühlerlüfter	386
5. Sicherungshalter B	387
6. Sicherungshalter B	388
7. Sicherungshalter B	389
8. Steuergerät für Glühzeitautomatik, Motorsteuergerät, Glühkerze 1, Glühkerze 2, Glühkerze 3, Glühkerze 4	390
9. Motorsteuergerät	391
10. Bremspedalschalter, Gaspedalstellungsgeber, Kupplungspositionsgeber, Motorsteuergerät	392
11. Ladedruckgeber, Ansauglufttemperaturgeber, Relais für Dieseldirekteinspritzanlage, Motorsteuergerät	393
12. Motordrehzahlgeber, Hallgeber, Kühlmitteltemperaturgeber am Kühlerausgang, Motorsteuergerät	394
13. Öldruck- und Öltemperaturgeber, Motorsteuergerät, Pumpe 2 für Kühlmittelumlauf	395
14. Kühlmitteltemperaturgeber, Kraftstofftemperaturgeber, Motorsteuergerät, Einspritzventil für Zylinder 1, Einspritzventil für Zylinder 2, Einspritzventil für Zylinder 3, Einspritzventil für Zylinder 4
396
15. Luftmassenmesser, Motorsteuergerät, Magnetventil 1 für Aktivkohlebehälter, Umschaltventil für Kühler der Abgasrückführung	397
16. Motorsteuergerät, Regelventil für Kraftstoffdruck, Ventil für Kraftstoffdosierung	398
17. Lambdasonde, Motorsteuergerät	399
18. Kraftstoffdruckgeber, Positionsgeber für Ladedrucksteller, Motorsteuergerät	400
19. Drosselklappenpotentiometer, Potentiometer für Abgasrückführung, Drosselklappensteuereinheit, Motorsteuergerät, Abgasrückführungsventil, Stellmotor für Abgasrückführung
401
20. Abgastemperaturgeber 1, Abgastemperaturgeber 2, Abgastemperaturgeber 4, Motorsteuergerät	402
21. Differenzdruckgeber, Geber für Getriebe-Neutralstellung, Motorsteuergerät	403
22. Schaltermodul 2 Schalttafel Mitte, Taster für Start-Stopp-Betrieb, Motorsteuergerät, Kontrollleuchte für Start-Stopp-Betrieb	404
23. Motorsteuergerät, Startrelais 1, Startrelais 2	405
24. Motorsteuergerät, Relais für Heizleistung hoch, Heizwiderstand für Kurbelgehäuseentlüftung	406
25. Geber für Kraftstoffvorratsanzeige, Kraftstoffpumpe für Vorförderung, Kraftstoffpumpenrelais, Motorsteuergerät	407
26. Kraftstoffvorratsanzeige, Schalttafeleinsatz	408
27. Öldruckschalter, Geschwindigkeitsmesser, Geber für Geschwindigkeitsmesser, Schalttafeleinsatz, Wegstreckenanzeige	409
056 - 1,2l-Benzinmotor , CGPC	410-424
1. 1,2l-Benzinmotor , CGPC	410
2. Anlasser, Drehstromgenerator mit Spannungsregler, Sicherungshalter A	411
3. Thermoschalter für Kühlerlüfter, Sicherungshalter A, Kühlerlüfter	412
4. Sicherungshalter B	413
5. Sicherungshalter B	414
6. Motordrehzahlgeber, Kühlmitteltemperaturgeber, Motorsteuergerät, Einspritzventil für Zylinder 1, Einspritzventil für Zylinder 2, Einspritzventil für Zylinder 3
415
7. Lambdasonde, Saugrohrdruckgeber, Saugrohrtemperaturgeber, Lambdasonde nach Katalysator, Motorsteuergerät	416
8. Kupplungspedalschalter, Bremspedalschalter, Gaspedalstellungsgeber, Motorsteuergerät	417
9. Motorsteuergerät	418
10. Hallgeber, Klopfsensor 1, Motorsteuergerät	419
11. Drosselklappensteuereinheit, Stromversorgungsrelais für Simos-Steuergerät, Motorsteuergerät	420
12. Öldruck- und Öltemperaturgeber, Motorsteuergerät, Zündspule 1 mit Leistungsendstufe, Zündspule	421
